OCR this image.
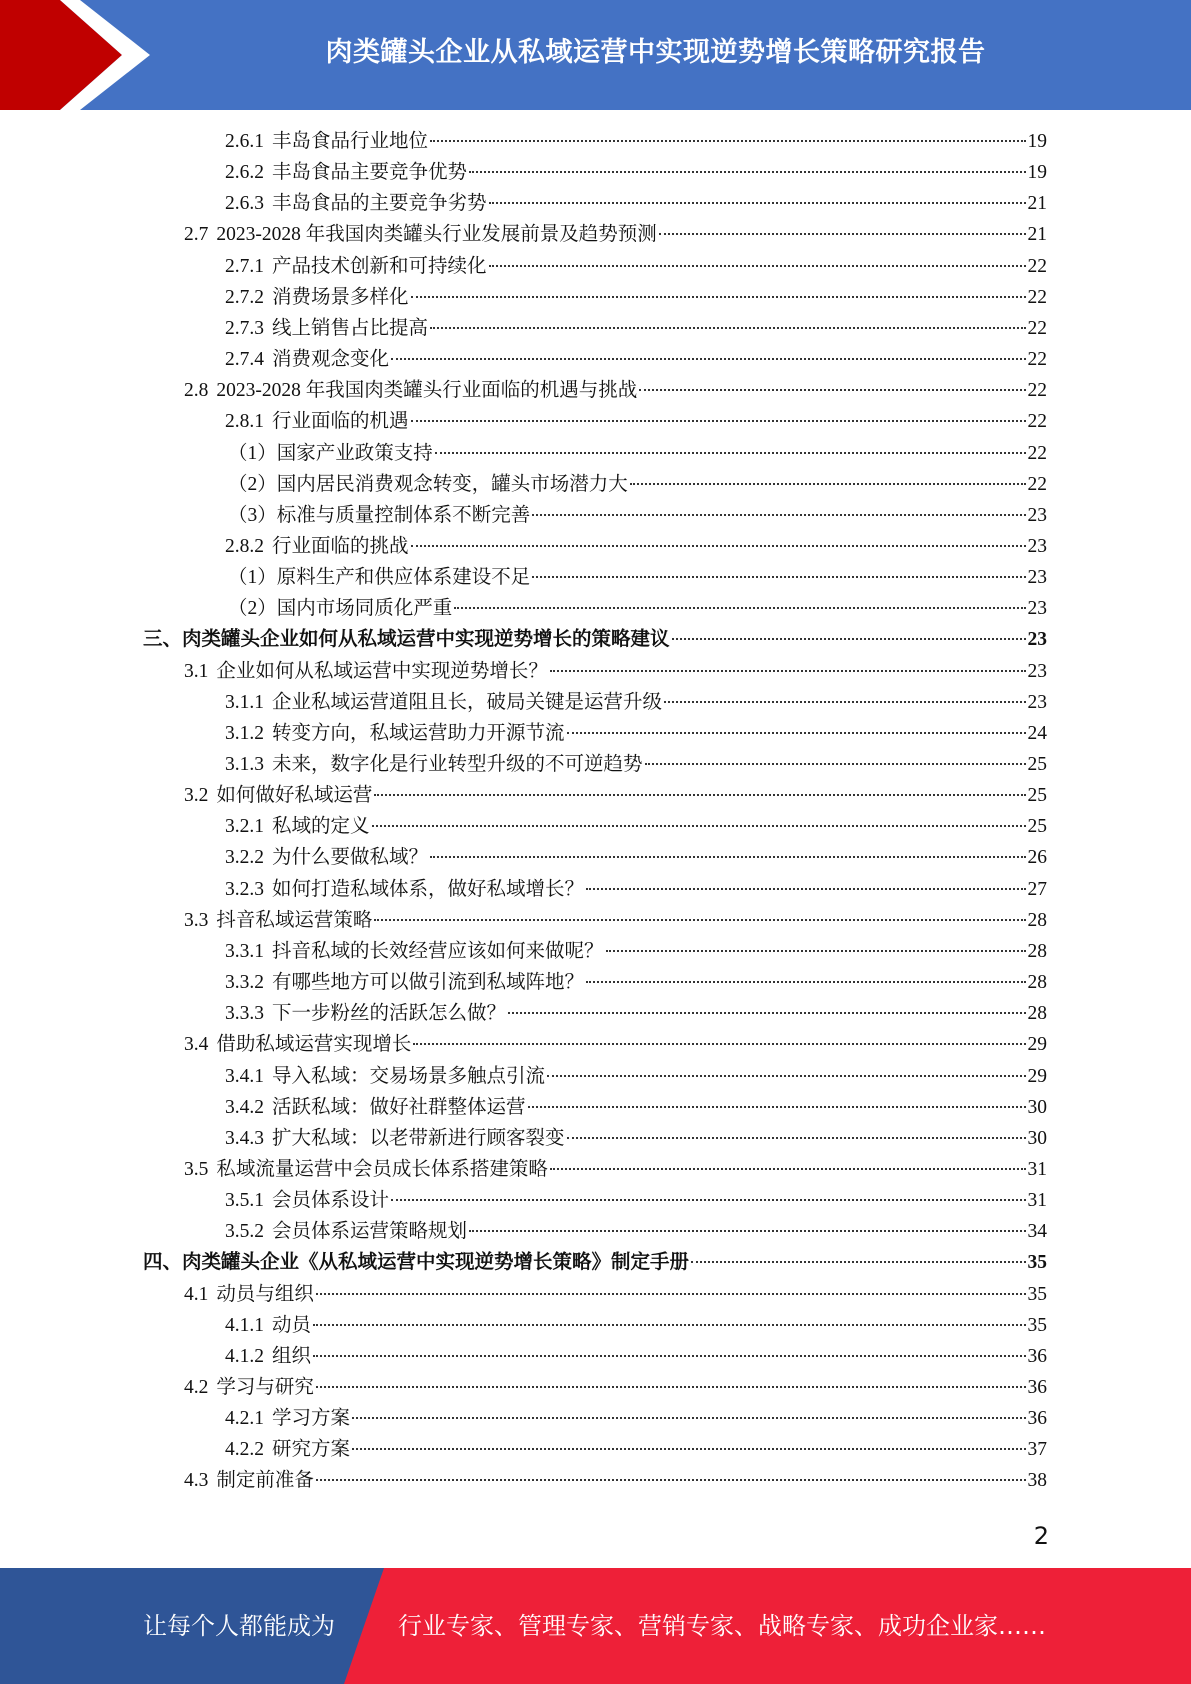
肉类罐头企业从私域运营中实现逆势增长策略研究报告
2.6.1 丰岛食品行业地位	19
2.6.2 丰岛食品主要竞争优势	19
2.6.3 丰岛食品的主要竞争劣势	21
2.7 2023-2028 年我国肉类罐头行业发展前景及趋势预测	21
2.7.1 产品技术创新和可持续化	22
2.7.2 消费场景多样化	22
2.7.3 线上销售占比提高	22
2.7.4 消费观念变化	22
2.8 2023-2028 年我国肉类罐头行业面临的机遇与挑战	22
2.8.1 行业面临的机遇	22
（1） 国家产业政策支持	22
（2） 国内居民消费观念转变，罐头市场潜力大	22
（3） 标准与质量控制体系不断完善	23
2.8.2 行业面临的挑战	23
（1） 原料生产和供应体系建设不足	23
（2） 国内市场同质化严重	23
三、 肉类罐头企业如何从私域运营中实现逆势增长的策略建议	23
3.1 企业如何从私域运营中实现逆势增长？	23
3.1.1 企业私域运营道阻且长，破局关键是运营升级	23
3.1.2 转变方向，私域运营助力开源节流	24
3.1.3 未来，数字化是行业转型升级的不可逆趋势	25
3.2 如何做好私域运营	25
3.2.1 私域的定义	25
3.2.2 为什么要做私域？	26
3.2.3 如何打造私域体系，做好私域增长？	27
3.3 抖音私域运营策略	28
3.3.1 抖音私域的长效经营应该如何来做呢？	28
3.3.2 有哪些地方可以做引流到私域阵地？	28
3.3.3 下一步粉丝的活跃怎么做？	28
3.4 借助私域运营实现增长	29
3.4.1 导入私域：交易场景多触点引流	29
3.4.2 活跃私域：做好社群整体运营	30
3.4.3 扩大私域：以老带新进行顾客裂变	30
3.5 私域流量运营中会员成长体系搭建策略	31
3.5.1 会员体系设计	31
3.5.2 会员体系运营策略规划	34
四、 肉类罐头企业《从私域运营中实现逆势增长策略》制定手册	35
4.1 动员与组织	35
4.1.1 动员	35
4.1.2 组织	36
4.2 学习与研究	36
4.2.1 学习方案	36
4.2.2 研究方案	37
4.3 制定前准备	38
2
让每个人都能成为	行业专家、管理专家、营销专家、战略专家、成功企业家……
